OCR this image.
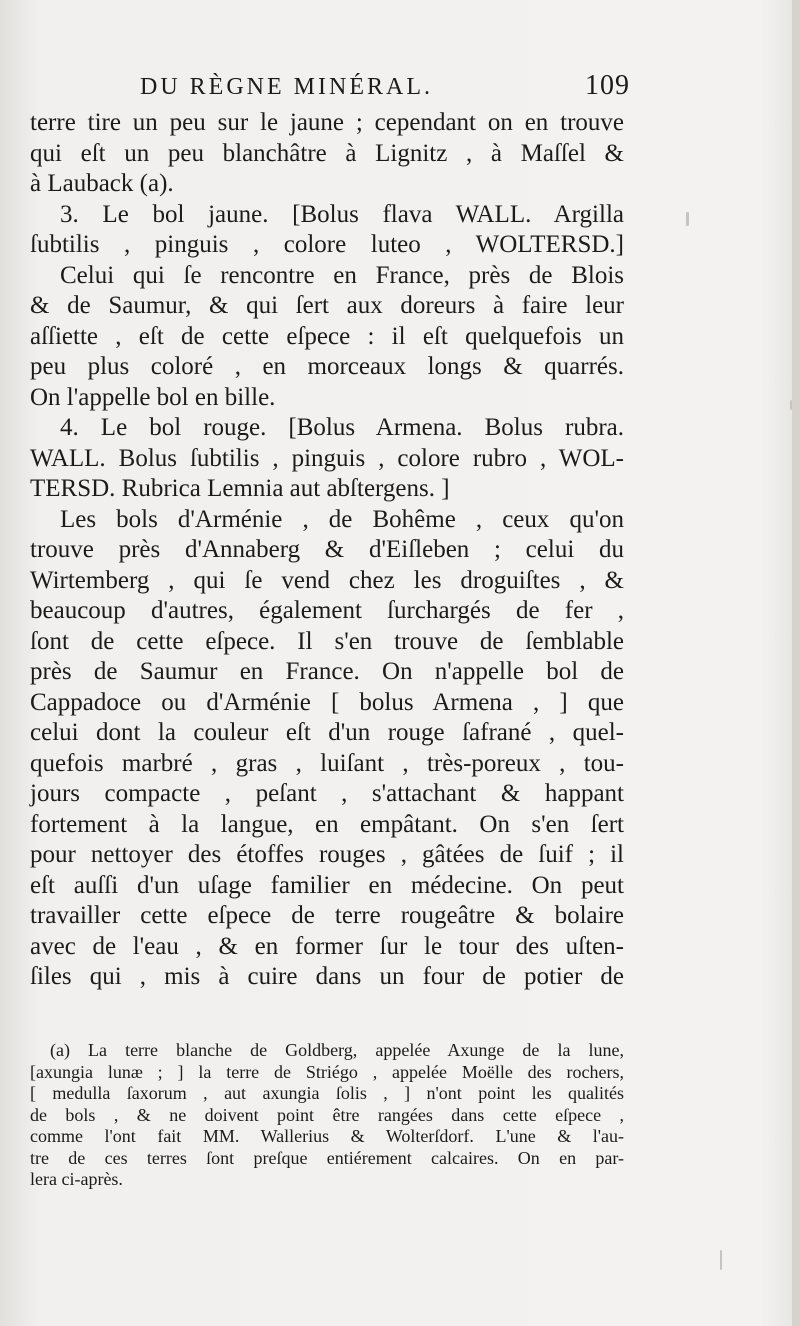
DU RÈGNE MINÉRAL.	109
terre tire un peu sur le jaune ; cependant on en trouve
qui eſt un peu blanchâtre à Lignitz , à Maſſel &
à Lauback (a).
3. Le bol jaune. [Bolus flava WALL. Argilla
ſubtilis , pinguis , colore luteo , WOLTERSD.]
Celui qui ſe rencontre en France, près de Blois
& de Saumur, & qui ſert aux doreurs à faire leur
aſſiette , eſt de cette eſpece : il eſt quelquefois un
peu plus coloré , en morceaux longs & quarrés.
On l'appelle bol en bille.
4. Le bol rouge. [Bolus Armena. Bolus rubra.
WALL. Bolus ſubtilis , pinguis , colore rubro , WOL-
TERSD. Rubrica Lemnia aut abſtergens. ]
Les bols d'Arménie , de Bohême , ceux qu'on
trouve près d'Annaberg & d'Eiſleben ; celui du
Wirtemberg , qui ſe vend chez les droguiſtes , &
beaucoup d'autres, également ſurchargés de fer ,
ſont de cette eſpece. Il s'en trouve de ſemblable
près de Saumur en France. On n'appelle bol de
Cappadoce ou d'Arménie [ bolus Armena , ] que
celui dont la couleur eſt d'un rouge ſafrané , quel-
quefois marbré , gras , luiſant , très-poreux , tou-
jours compacte , peſant , s'attachant & happant
fortement à la langue, en empâtant. On s'en ſert
pour nettoyer des étoffes rouges , gâtées de ſuif ; il
eſt auſſi d'un uſage familier en médecine. On peut
travailler cette eſpece de terre rougeâtre & bolaire
avec de l'eau , & en former ſur le tour des uſten-
ſiles qui , mis à cuire dans un four de potier de
(a) La terre blanche de Goldberg, appelée Axunge de la lune,
[axungia lunæ ; ] la terre de Striégo , appelée Moëlle des rochers,
[ medulla ſaxorum , aut axungia ſolis , ] n'ont point les qualités
de bols , & ne doivent point être rangées dans cette eſpece ,
comme l'ont fait MM. Wallerius & Wolterſdorf. L'une & l'au-
tre de ces terres ſont preſque entiérement calcaires. On en par-
lera ci-après.
